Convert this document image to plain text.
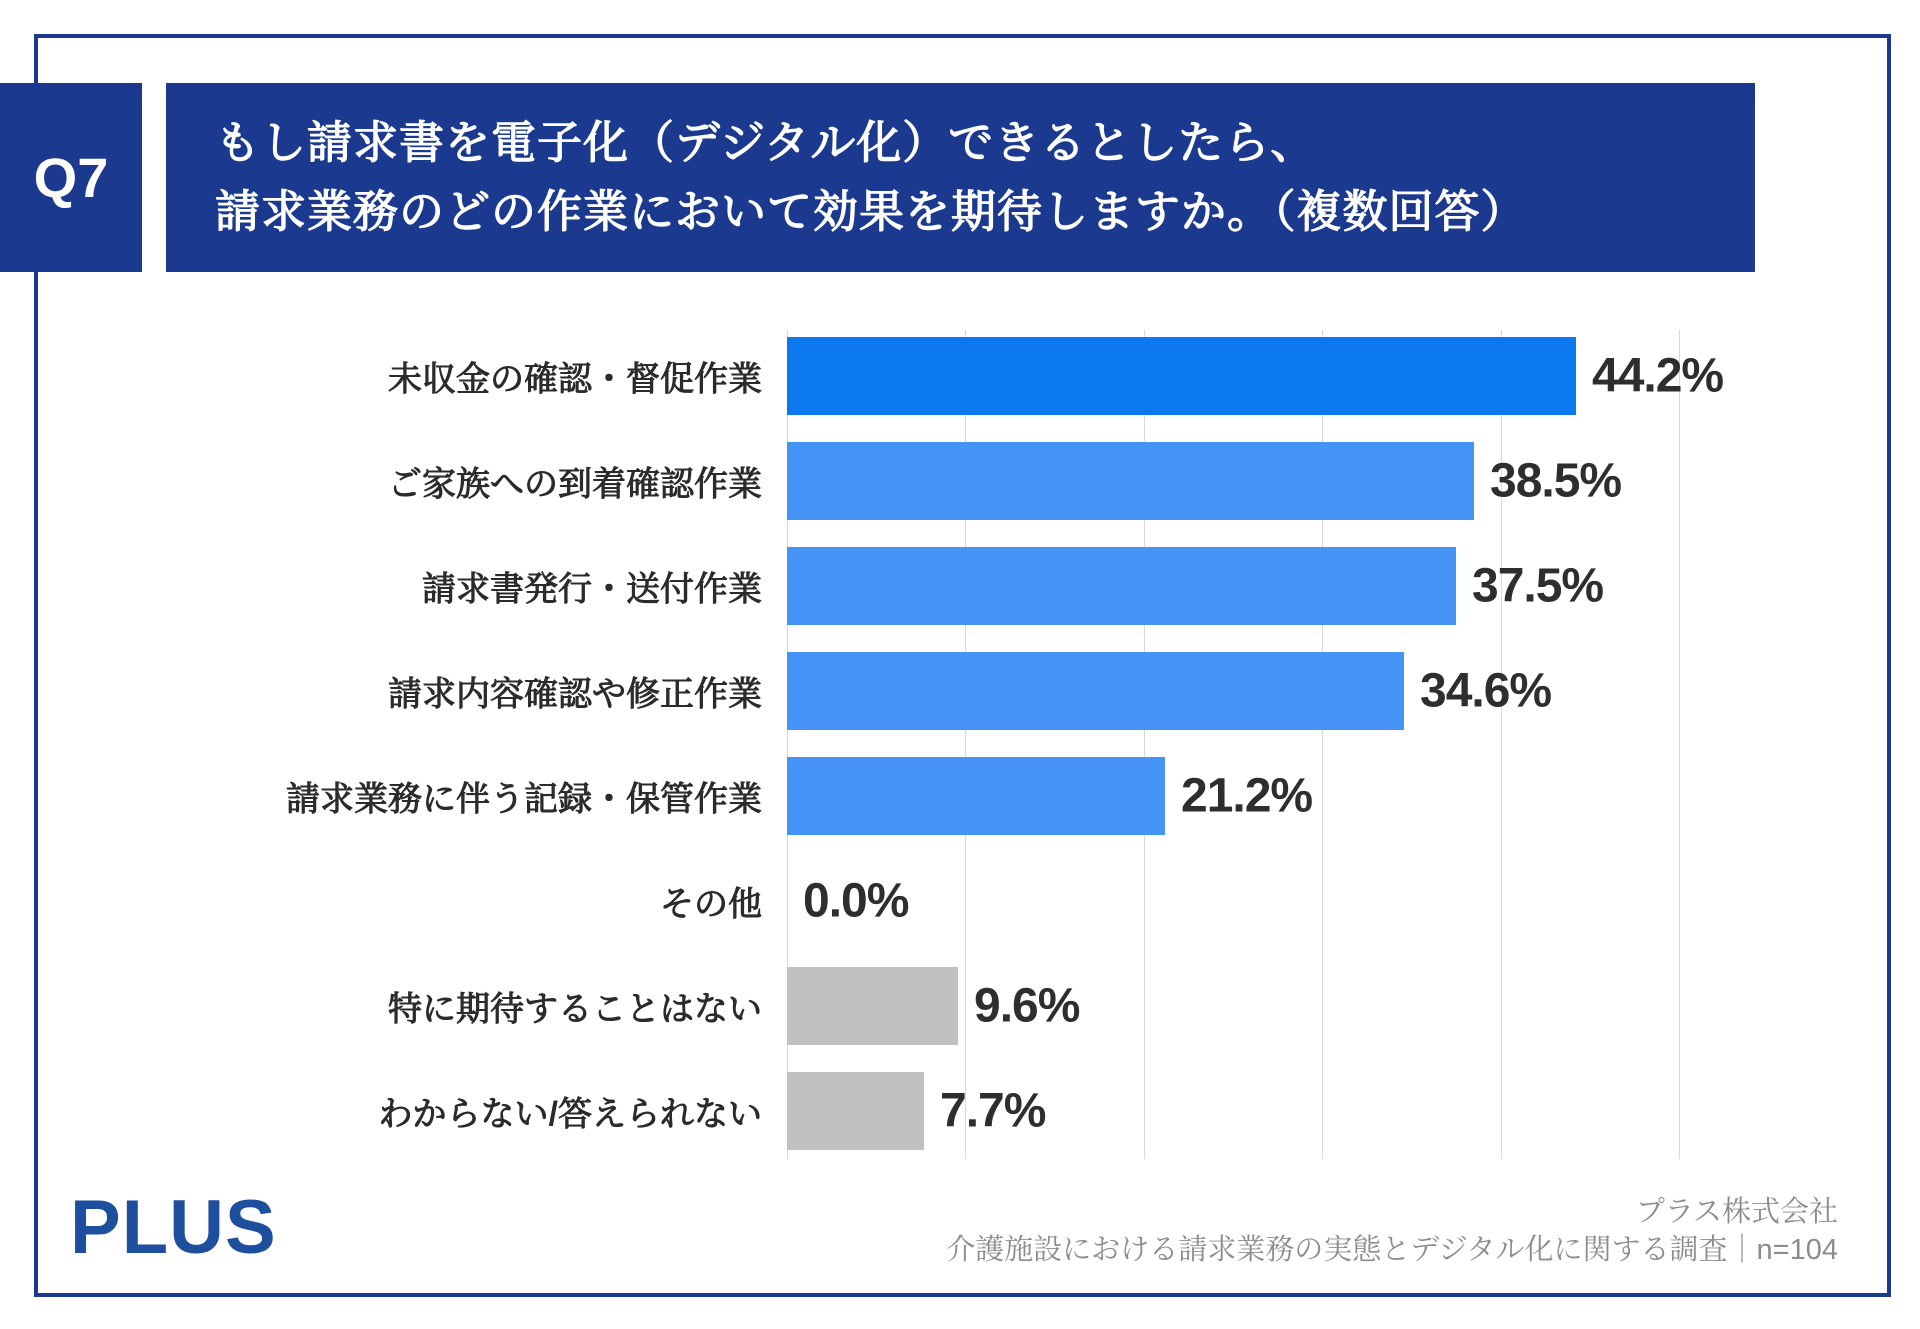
Q7
もし請求書を電子化（デジタル化）できるとしたら、
請求業務のどの作業において効果を期待しますか。（複数回答）
未収金の確認・督促作業	44.2%
ご家族への到着確認作業	38.5%
請求書発行・送付作業	37.5%
請求内容確認や修正作業	34.6%
請求業務に伴う記録・保管作業	21.2%
その他 0.0%
特に期待することはない	9.6%
わからない/答えられない	7.7%
PLUS	プラス株式会社
介護施設における請求業務の実態とデジタル化に関する調査｜n=104
